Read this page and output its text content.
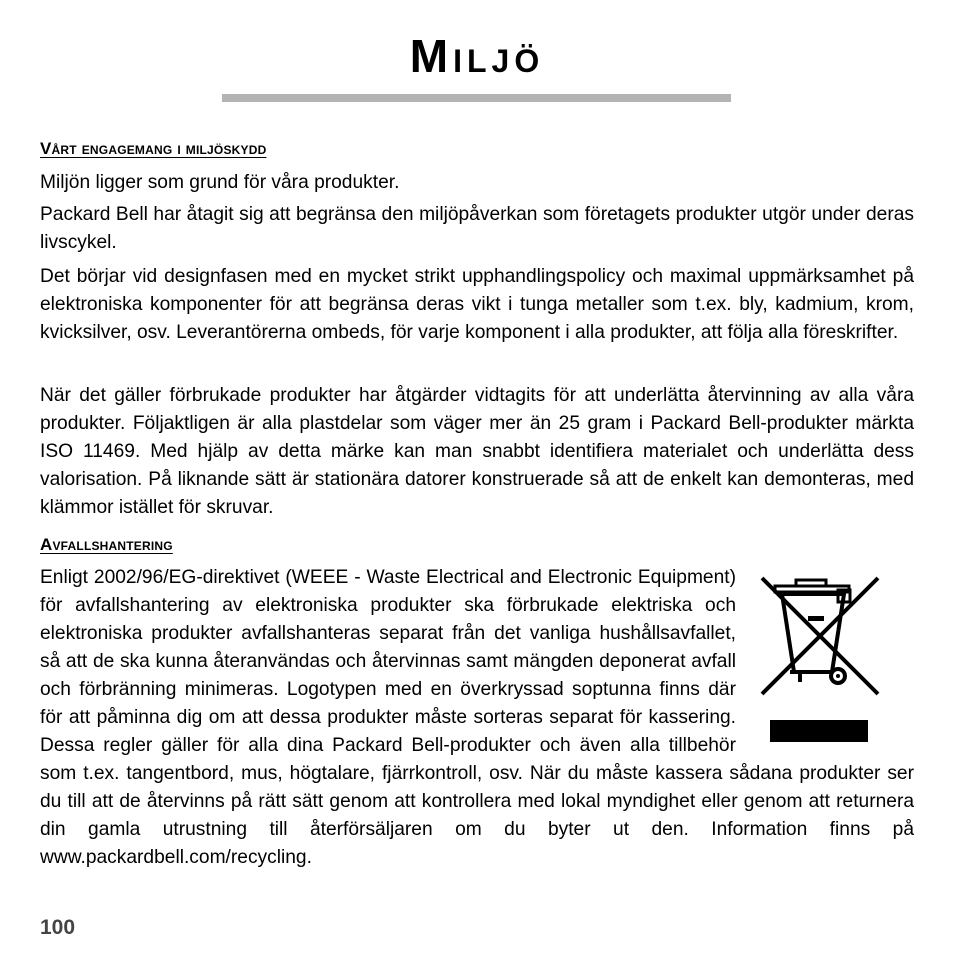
Miljö
Vårt engagemang i miljöskydd

Miljön ligger som grund för våra produkter.

Packard Bell har åtagit sig att begränsa den miljöpåverkan som företagets produkter utgör under deras livscykel.

Det börjar vid designfasen med en mycket strikt upphandlingspolicy och maximal uppmärksamhet på elektroniska komponenter för att begränsa deras vikt i tunga metaller som t.ex. bly, kadmium, krom, kvicksilver, osv. Leverantörerna ombeds, för varje komponent i alla produkter, att följa alla föreskrifter.

När det gäller förbrukade produkter har åtgärder vidtagits för att underlätta återvinning av alla våra produkter. Följaktligen är alla plastdelar som väger mer än 25 gram i Packard Bell-produkter märkta ISO 11469. Med hjälp av detta märke kan man snabbt identifiera materialet och underlätta dess valorisation. På liknande sätt är stationära datorer konstruerade så att de enkelt kan demonteras, med klämmor istället för skruvar.

Avfallshantering
Enligt 2002/96/EG-direktivet (WEEE - Waste Electrical and Electronic Equipment) för avfallshantering av elektroniska produkter ska förbrukade elektriska och elektroniska produkter avfallshanteras separat från det vanliga hushållsavfallet, så att de ska kunna återanvändas och återvinnas samt mängden deponerat avfall och förbränning minimeras. Logotypen med en överkryssad soptunna finns där för att påminna dig om att dessa produkter måste sorteras separat för kassering. Dessa regler gäller för alla dina Packard Bell-produkter och även alla tillbehör som t.ex. tangentbord, mus, högtalare, fjärrkontroll, osv. När du måste kassera sådana produkter ser du till att de återvinns på rätt sätt genom att kontrollera med lokal myndighet eller genom att returnera din gamla utrustning till återförsäljaren om du byter ut den. Information finns på www.packardbell.com/recycling.
100
